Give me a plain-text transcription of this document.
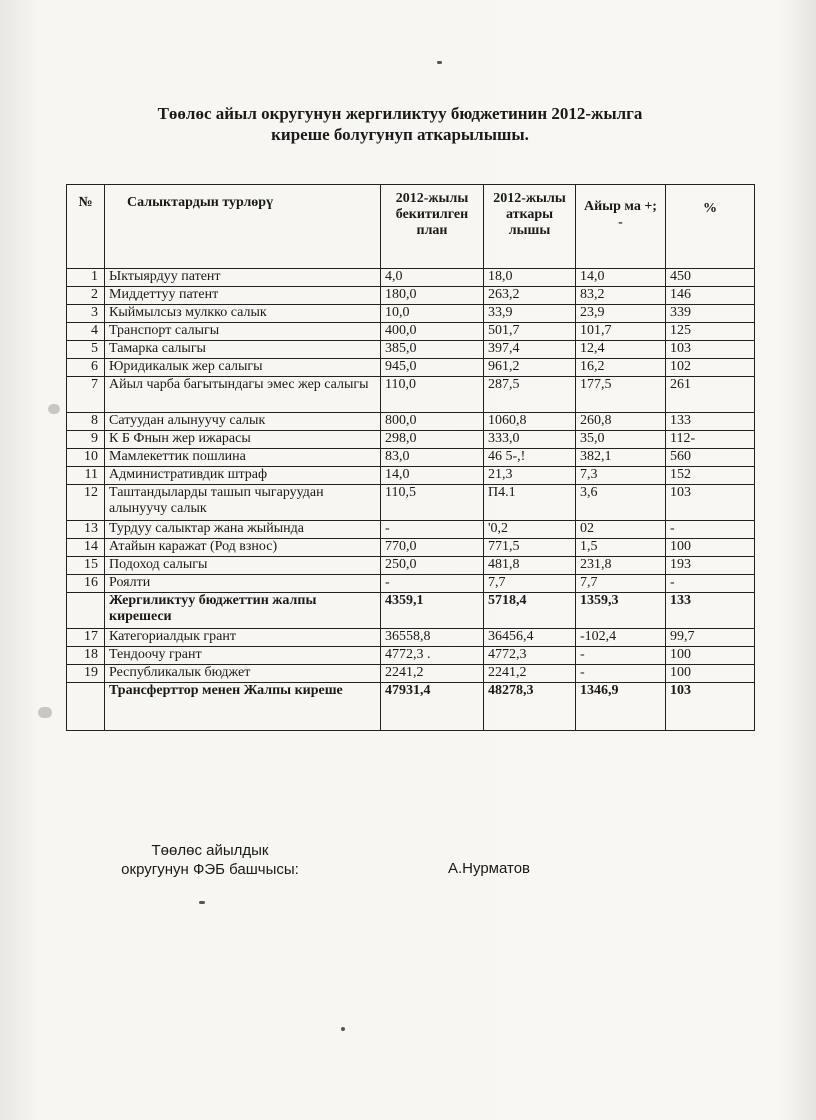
Төөлөс айыл округунун жергиликтуу бюджетинин 2012-жылга
киреше болугунуп аткарылышы.
№	Салыктардын турлөрү	2012-жылы бекитилген план	2012-жылы аткары лышы	Айыр ма +; -	%
1	Ыктыярдуу патент	4,0	18,0	14,0	450
2	Миддеттуу патент	180,0	263,2	83,2	146
3	Кыймылсыз мулкко салык	10,0	33,9	23,9	339
4	Транспорт салыгы	400,0	501,7	101,7	125
5	Тамарка салыгы	385,0	397,4	12,4	103
6	Юридикалык жер салыгы	945,0	961,2	16,2	102
7	Айыл чарба багытындагы эмес жер салыгы	110,0	287,5	177,5	261
8	Сатуудан алынуучу салык	800,0	1060,8	260,8	133
9	К Б Фнын жер ижарасы	298,0	333,0	35,0	112-
10	Мамлекеттик пошлина	83,0	46 5-,!	382,1	560
11	Административдик штраф	14,0	21,3	7,3	152
12	Таштандыларды ташып чыгаруудан алынуучу салык	110,5	П4.1	3,6	103
13	Турдуу салыктар жана жыйында	-	'0,2	02	-
14	Атайын каражат (Род взнос)	770,0	771,5	1,5	100
15	Подоход салыгы	250,0	481,8	231,8	193
16	Роялти	-	7,7	7,7	-
	Жергиликтуу бюджеттин жалпы кирешеси	4359,1	5718,4	1359,3	133
17	Категориалдык грант	36558,8	36456,4	-102,4	99,7
18	Тендоочу грант	4772,3 .	4772,3	-	100
19	Республикалык бюджет	2241,2	2241,2	-	100
	Трансферттор менен Жалпы киреше	47931,4	48278,3	1346,9	103
Төөлөс айылдык
округунун ФЭБ башчысы:	А.Нурматов
